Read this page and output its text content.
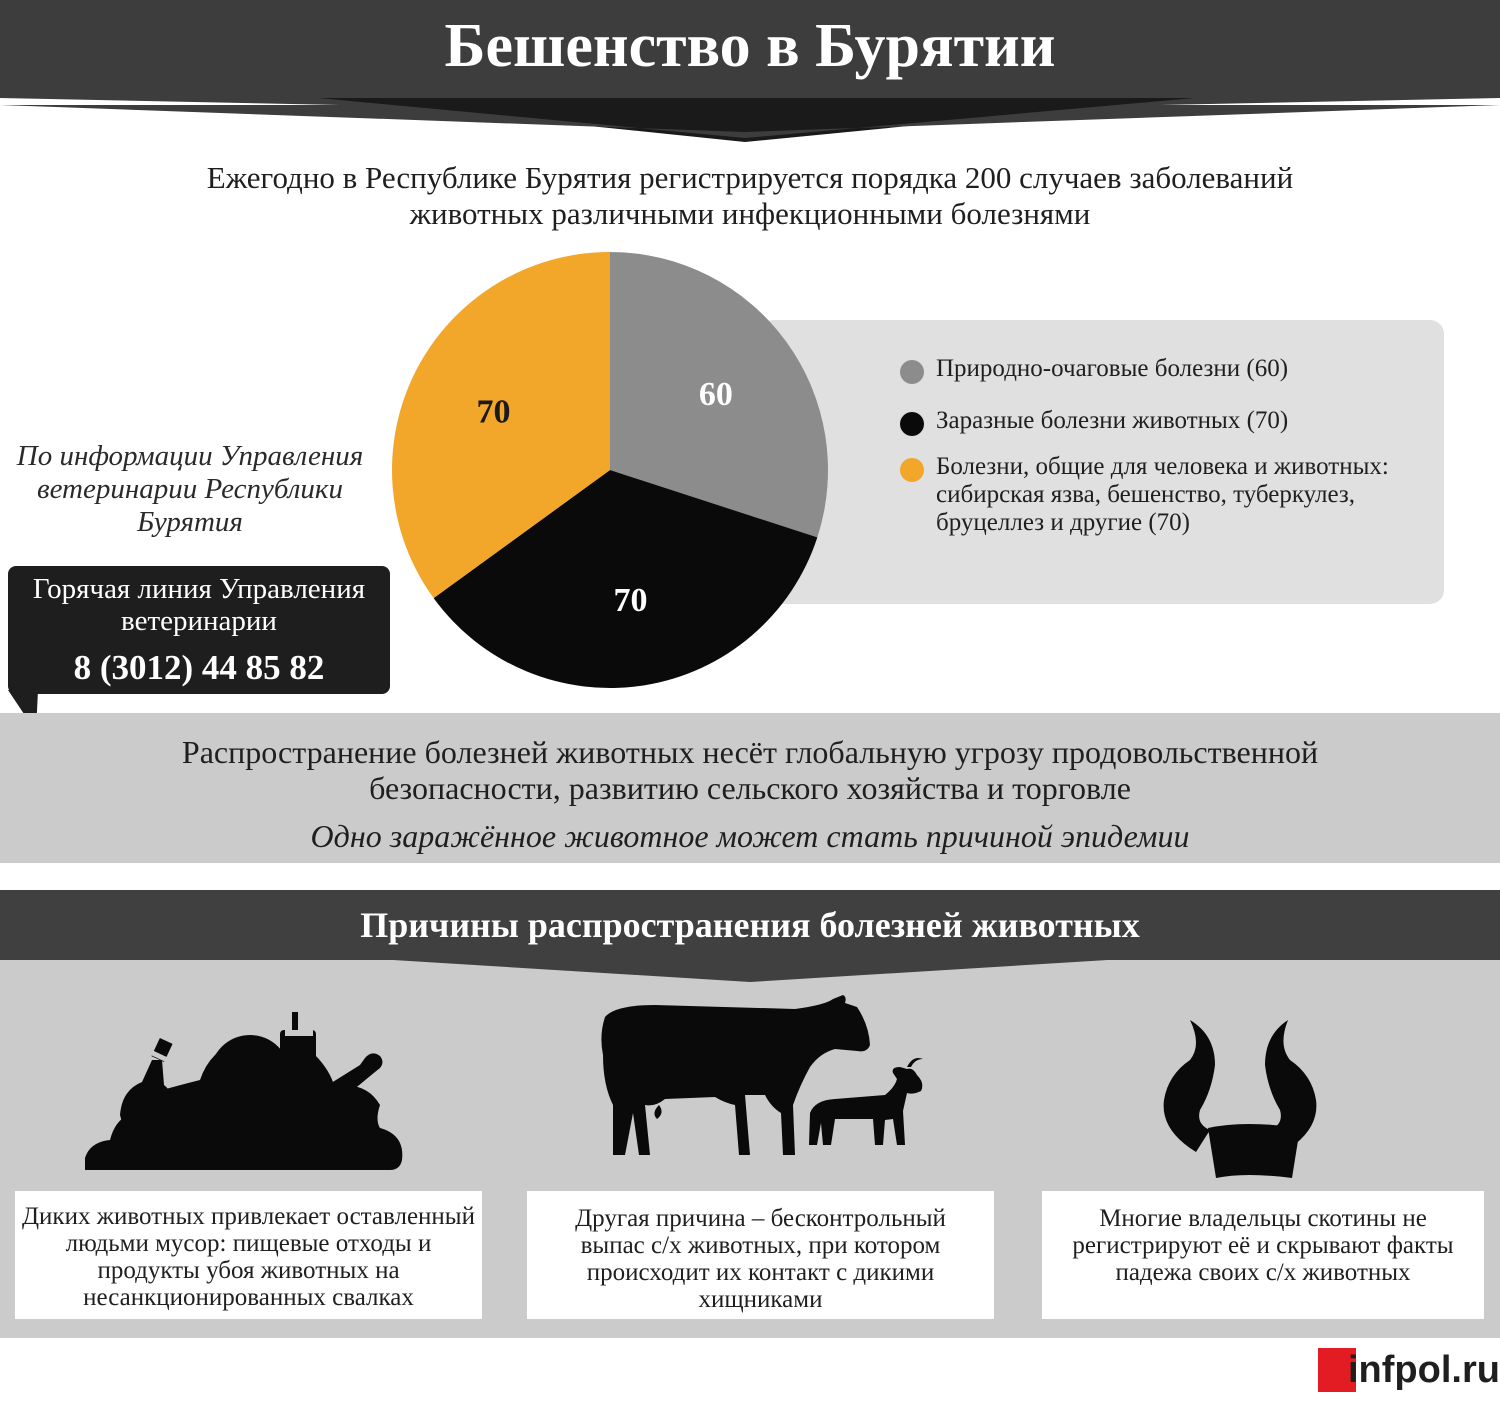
Бешенство в Бурятии
Ежегодно в Республике Бурятия регистрируется порядка 200 случаев заболеваний животных различными инфекционными болезнями
Природно-очаговые болезни (60)
Заразные болезни животных (70)
Болезни, общие для человека и животных: сибирская язва, бешенство, туберкулез, бруцеллез и другие (70)
60
70
70
По информации Управления ветеринарии Республики Бурятия
Горячая линия Управления ветеринарии
8 (3012) 44 85 82
Распространение болезней животных несёт глобальную угрозу продовольственной безопасности, развитию сельского хозяйства и торговле
Одно заражённое животное может стать причиной эпидемии
Причины распространения болезней животных
Диких животных привлекает оставленный людьми мусор: пищевые отходы и продукты убоя животных на несанкционированных свалках
Другая причина – бесконтрольный выпас с/х животных, при котором происходит их контакт с дикими хищниками
Многие владельцы скотины не регистрируют её и скрывают факты падежа своих с/х животных
infpol.ru
